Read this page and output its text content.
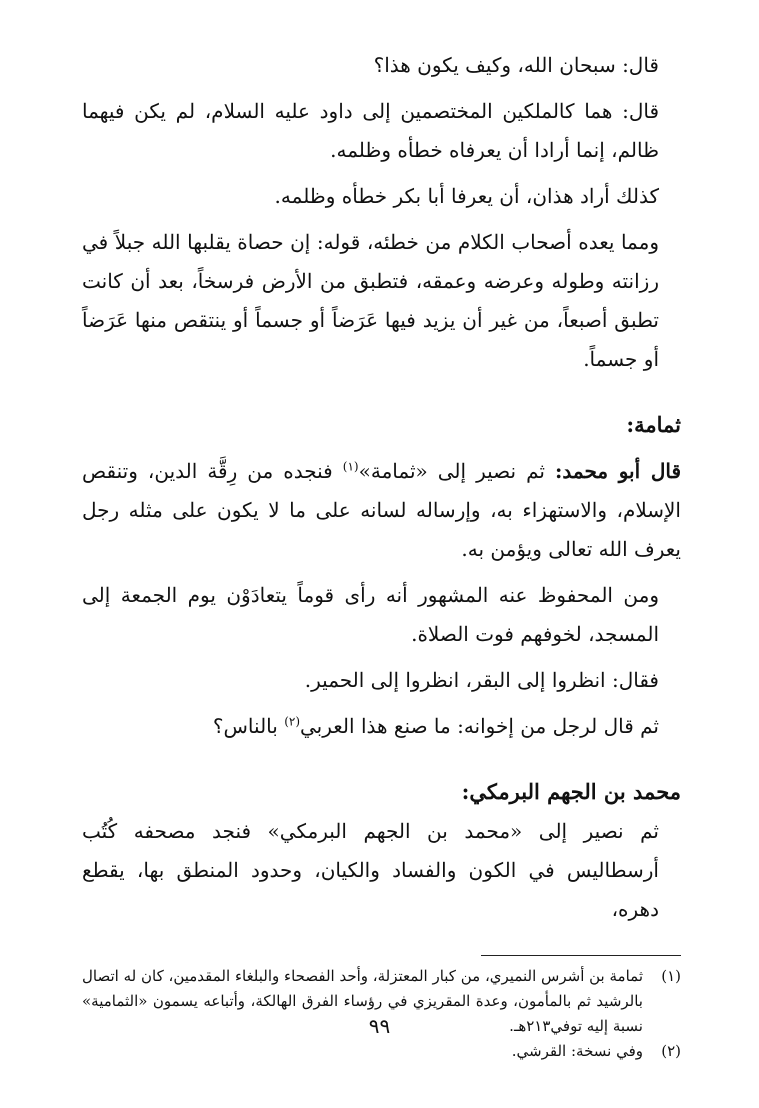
قال: سبحان الله، وكيف يكون هذا؟

قال: هما كالملكين المختصمين إلى داود عليه السلام، لم يكن فيهما ظالم، إنما أرادا أن يعرفاه خطأه وظلمه.

كذلك أراد هذان، أن يعرفا أبا بكر خطأه وظلمه.

ومما يعده أصحاب الكلام من خطئه، قوله: إن حصاة يقلبها الله جبلاً في رزانته وطوله وعرضه وعمقه، فتطبق من الأرض فرسخاً، بعد أن كانت تطبق أصبعاً، من غير أن يزيد فيها عَرَضاً أو جسماً أو ينتقص منها عَرَضاً أو جسماً.

ثمامة:

قال أبو محمد: ثم نصير إلى «ثمامة»$^{(١)}$ فنجده من رِقَّة الدين، وتنقص الإسلام، والاستهزاء به، وإرساله لسانه على ما لا يكون على مثله رجل يعرف الله تعالى ويؤمن به.

ومن المحفوظ عنه المشهور أنه رأى قوماً يتعادَوْن يوم الجمعة إلى المسجد، لخوفهم فوت الصلاة.

فقال: انظروا إلى البقر، انظروا إلى الحمير.

ثم قال لرجل من إخوانه: ما صنع هذا العربي$^{(٢)}$ بالناس؟

محمد بن الجهم البرمكي:

ثم نصير إلى «محمد بن الجهم البرمكي» فنجد مصحفه كُتُب أرسطاليس في الكون والفساد والكيان، وحدود المنطق بها، يقطع دهره،

(١)
ثمامة بن أشرس النميري، من كبار المعتزلة، وأحد الفصحاء والبلغاء المقدمين، كان له اتصال بالرشيد ثم بالمأمون، وعدة المقريزي في رؤساء الفرق الهالكة، وأتباعه يسمون «الثمامية» نسبة إليه توفي٢١٣هـ.
(٢)
وفي نسخة: القرشي.
٩٩
